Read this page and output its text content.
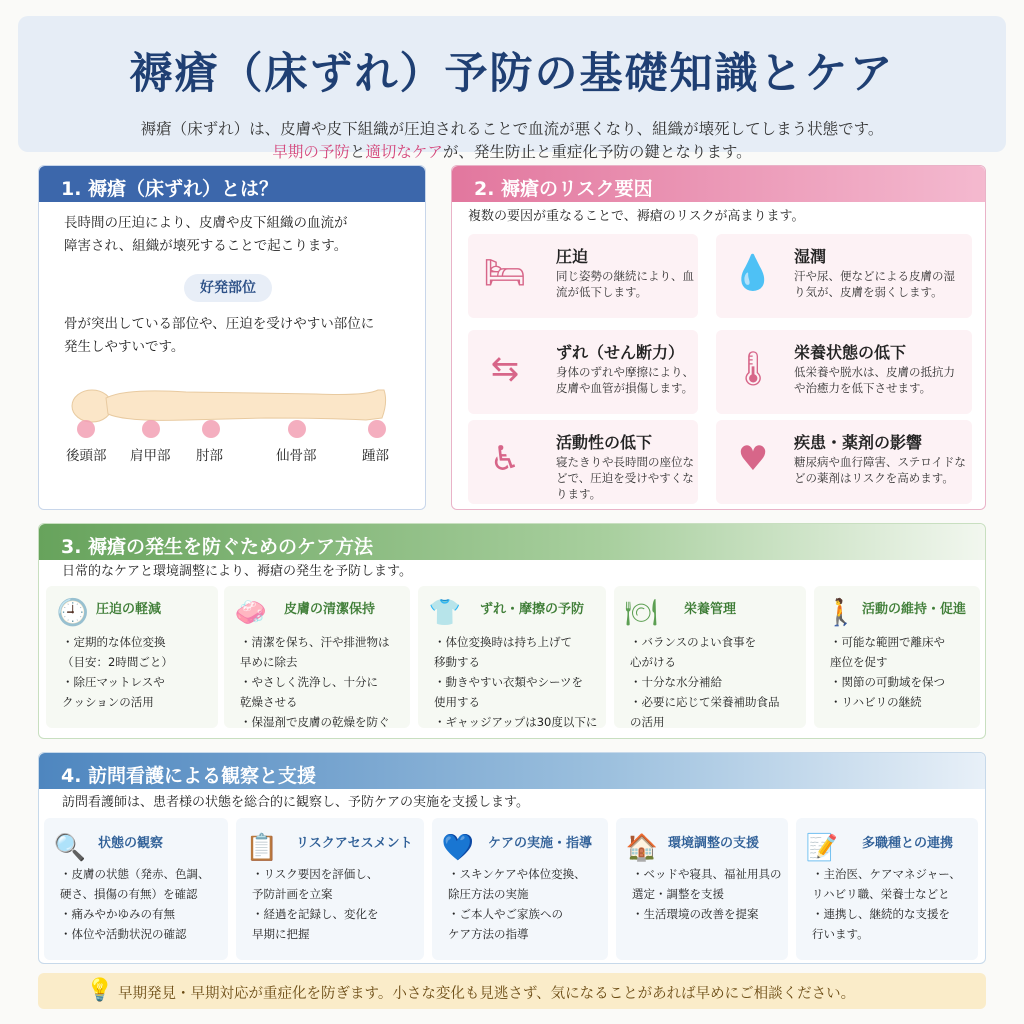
褥瘡（床ずれ）予防の基礎知識とケア
褥瘡（床ずれ）は、皮膚や皮下組織が圧迫されることで血流が悪くなり、組織が壊死してしまう状態です。
早期の予防と適切なケアが、発生防止と重症化予防の鍵となります。
1. 褥瘡（床ずれ）とは？
長時間の圧迫により、皮膚や皮下組織の血流が
障害され、組織が壊死することで起こります。
好発部位
骨が突出している部位や、圧迫を受けやすい部位に
発生しやすいです。
後頭部 肩甲部 肘部	仙骨部	踵部
2. 褥瘡のリスク要因
複数の要因が重なることで、褥瘡のリスクが高まります。
🛏 圧迫
同じ姿勢の継続により、血流が低下します。	💧 湿潤
汗や尿、便などによる皮膚の湿り気が、皮膚を弱くします。
⇆	ずれ（せん断力）
身体のずれや摩擦により、皮膚や血管が損傷します。 🌡 栄養状態の低下
低栄養や脱水は、皮膚の抵抗力や治癒力を低下させます。
♿	活動性の低下
寝たきりや長時間の座位などで、圧迫を受けやすくなります。
♥	疾患・薬剤の影響
糖尿病や血行障害、ステロイドなどの薬剤はリスクを高めます。
3. 褥瘡の発生を防ぐためのケア方法
日常的なケアと環境調整により、褥瘡の発生を予防します。
🕘 圧迫の軽減
・定期的な体位変換
（目安：2時間ごと）
・除圧マットレスや
クッションの活用
🧼 皮膚の清潔保持
・清潔を保ち、汗や排泄物は
早めに除去
・やさしく洗浄し、十分に
乾燥させる
・保湿剤で皮膚の乾燥を防ぐ
👕 ずれ・摩擦の予防
・体位変換時は持ち上げて
移動する
・動きやすい衣類やシーツを
使用する
・ギャッジアップは30度以下に
🍽 栄養管理
・バランスのよい食事を
心がける
・十分な水分補給
・必要に応じて栄養補助食品
の活用
🚶 活動の維持・促進
・可能な範囲で離床や
座位を促す
・関節の可動域を保つ
・リハビリの継続
4. 訪問看護による観察と支援
訪問看護師は、患者様の状態を総合的に観察し、予防ケアの実施を支援します。
🔍 状態の観察
・皮膚の状態（発赤、色調、
硬さ、損傷の有無）を確認
・痛みやかゆみの有無
・体位や活動状況の確認
📋 リスクアセスメント
・リスク要因を評価し、
予防計画を立案
・経過を記録し、変化を
早期に把握
💙 ケアの実施・指導
・スキンケアや体位変換、
除圧方法の実施
・ご本人やご家族への
ケア方法の指導
🏠 環境調整の支援
・ベッドや寝具、福祉用具の
選定・調整を支援
・生活環境の改善を提案
📝 多職種との連携
・主治医、ケアマネジャー、
リハビリ職、栄養士などと
・連携し、継続的な支援を
行います。
💡 早期発見・早期対応が重症化を防ぎます。小さな変化も見逃さず、気になることがあれば早めにご相談ください。
